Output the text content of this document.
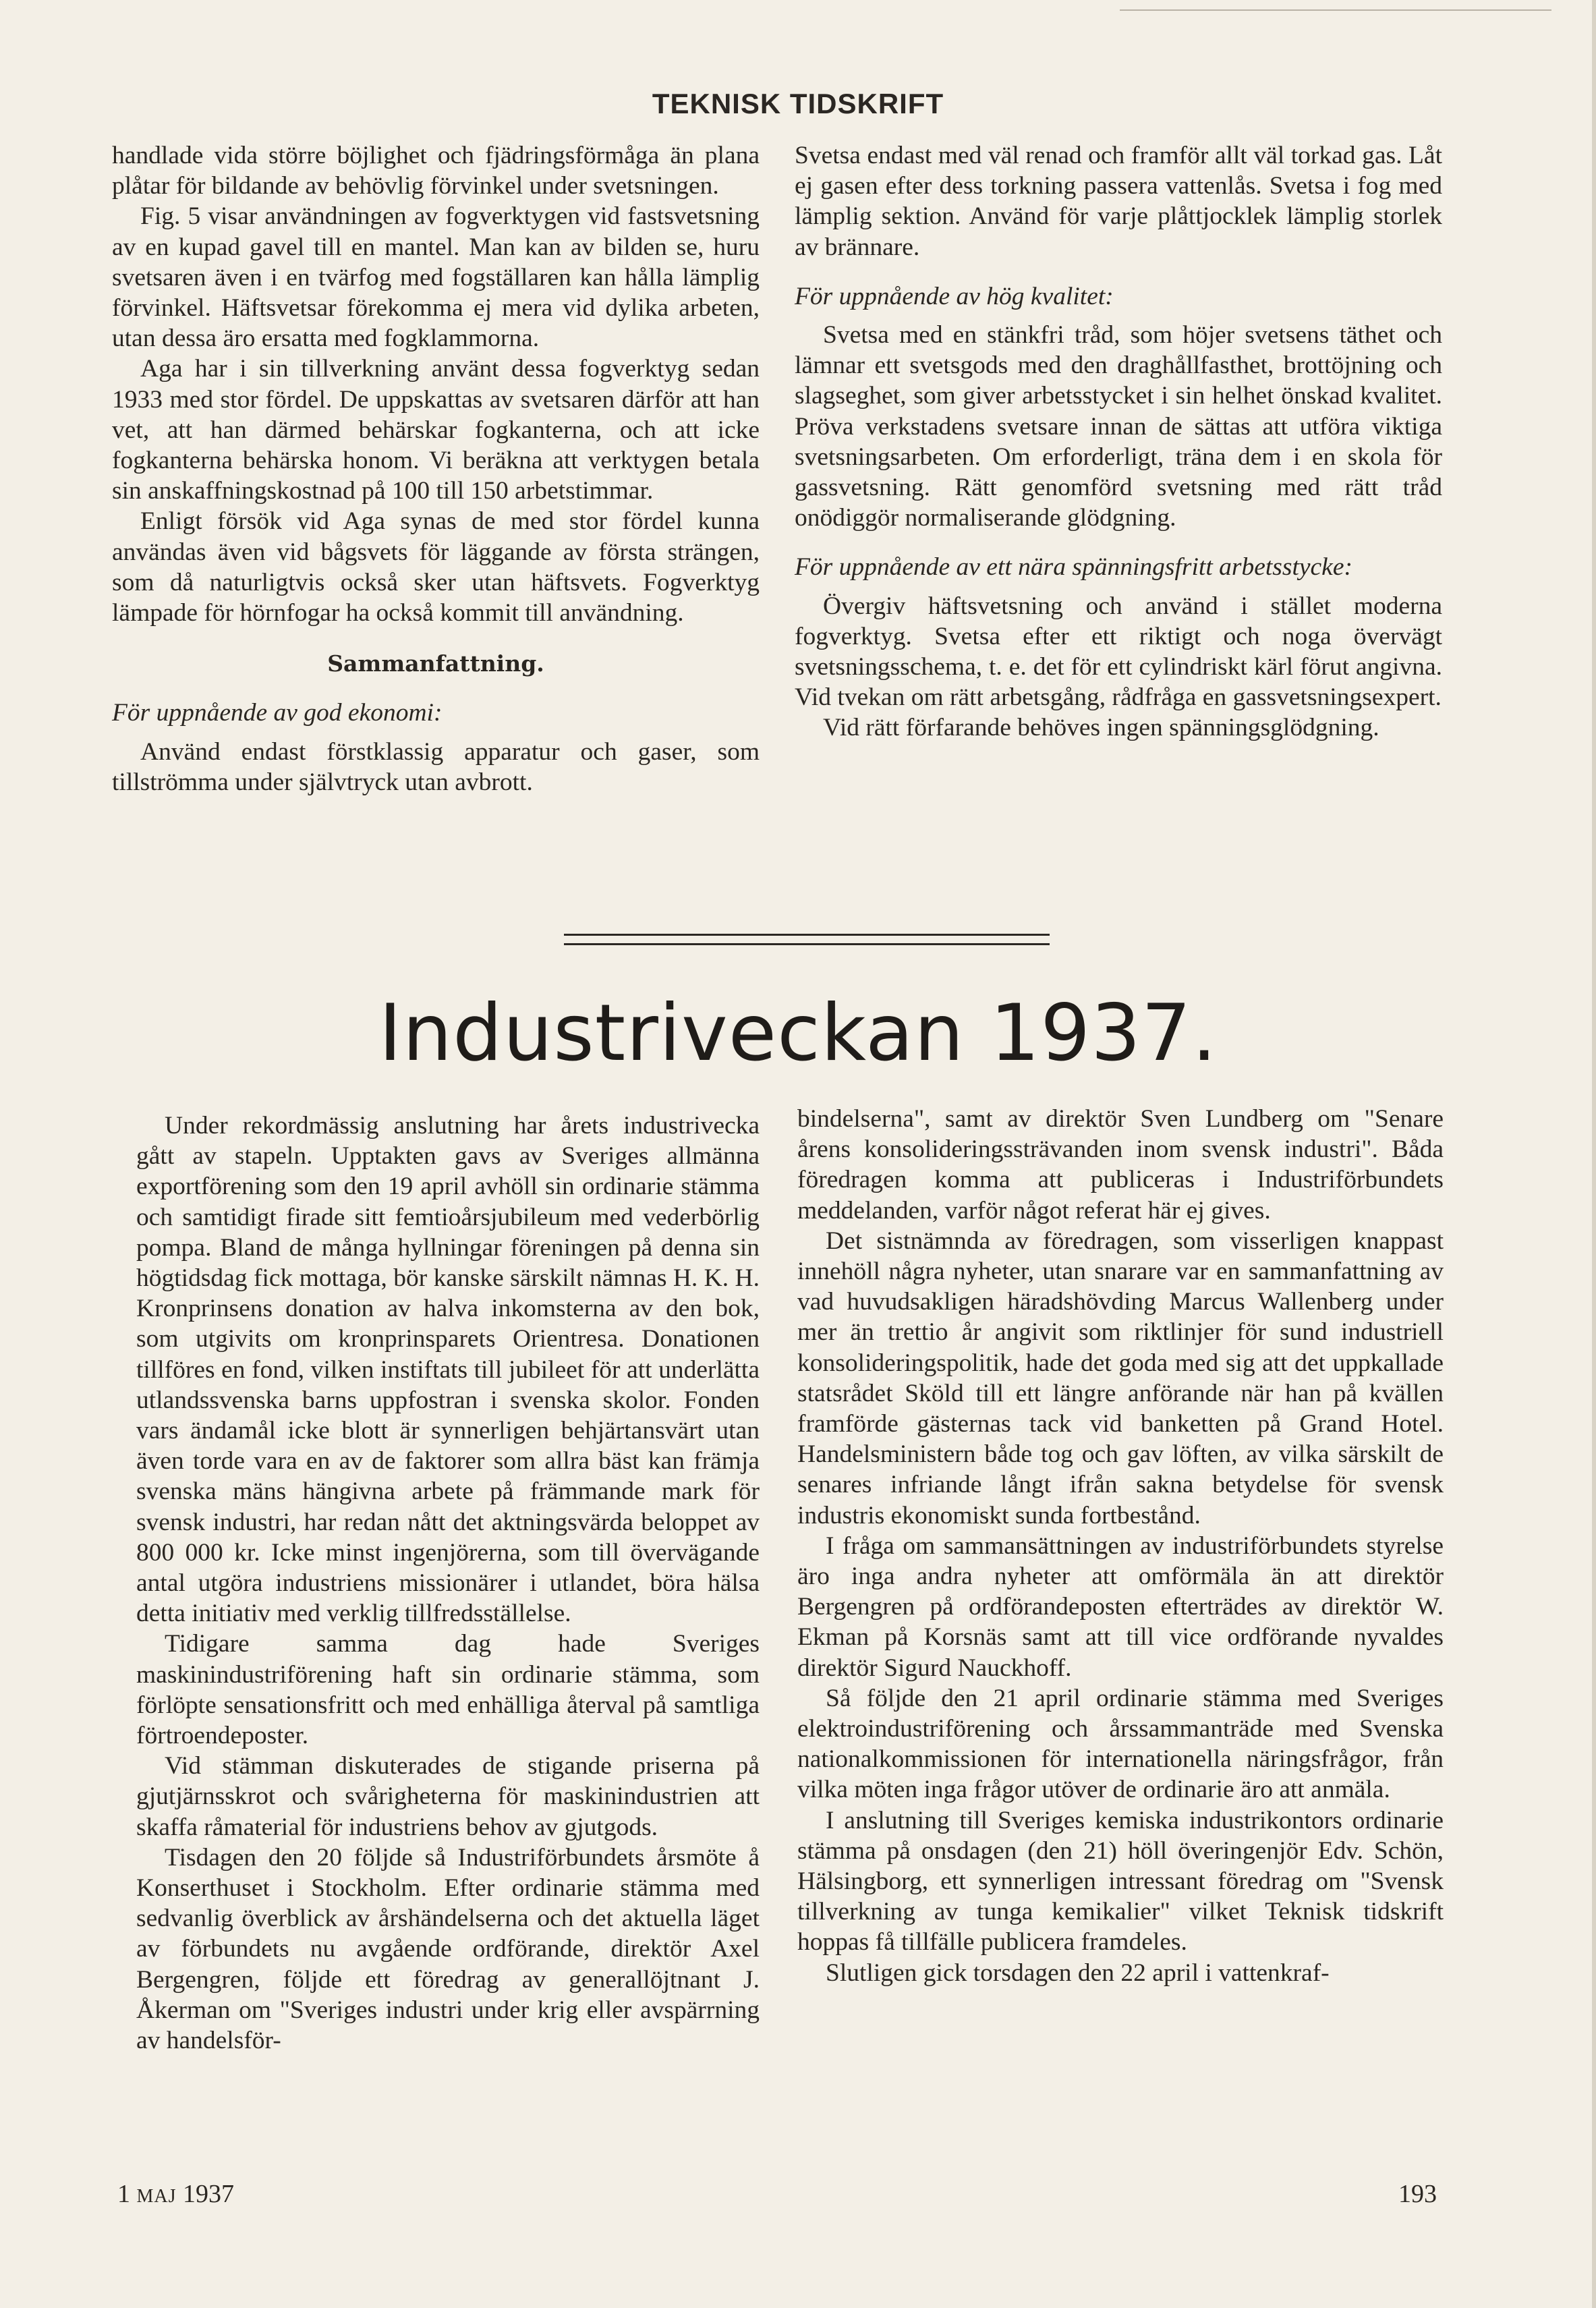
TEKNISK TIDSKRIFT

handlade vida större böjlighet och fjädringsförmåga än plana plåtar för bildande av behövlig förvinkel under svetsningen.

Fig. 5 visar användningen av fogverktygen vid fastsvetsning av en kupad gavel till en mantel. Man kan av bilden se, huru svetsaren även i en tvärfog med fogställaren kan hålla lämplig förvinkel. Häftsvetsar förekomma ej mera vid dylika arbeten, utan dessa äro ersatta med fogklammorna.

Aga har i sin tillverkning använt dessa fogverktyg sedan 1933 med stor fördel. De uppskattas av svetsaren därför att han vet, att han därmed behärskar fogkanterna, och att icke fogkanterna behärska honom. Vi beräkna att verktygen betala sin anskaffningskostnad på 100 till 150 arbetstimmar.

Enligt försök vid Aga synas de med stor fördel kunna användas även vid bågsvets för läggande av första strängen, som då naturligtvis också sker utan häftsvets. Fogverktyg lämpade för hörnfogar ha också kommit till användning.

Sammanfattning.

För uppnående av god ekonomi:

Använd endast förstklassig apparatur och gaser, som tillströmma under självtryck utan avbrott.

Svetsa endast med väl renad och framför allt väl torkad gas. Låt ej gasen efter dess torkning passera vattenlås. Svetsa i fog med lämplig sektion. Använd för varje plåttjocklek lämplig storlek av brännare.

För uppnående av hög kvalitet:

Svetsa med en stänkfri tråd, som höjer svetsens täthet och lämnar ett svetsgods med den draghållfasthet, brottöjning och slagseghet, som giver arbetsstycket i sin helhet önskad kvalitet. Pröva verkstadens svetsare innan de sättas att utföra viktiga svetsningsarbeten. Om erforderligt, träna dem i en skola för gassvetsning. Rätt genomförd svetsning med rätt tråd onödiggör normaliserande glödgning.

För uppnående av ett nära spänningsfritt arbetsstycke:

Övergiv häftsvetsning och använd i stället moderna fogverktyg. Svetsa efter ett riktigt och noga övervägt svetsningsschema, t. e. det för ett cylindriskt kärl förut angivna. Vid tvekan om rätt arbetsgång, rådfråga en gassvetsningsexpert.

Vid rätt förfarande behöves ingen spänningsglödgning.

Industriveckan 1937.

Under rekordmässig anslutning har årets industrivecka gått av stapeln. Upptakten gavs av Sveriges allmänna exportförening som den 19 april avhöll sin ordinarie stämma och samtidigt firade sitt femtioårsjubileum med vederbörlig pompa. Bland de många hyllningar föreningen på denna sin högtidsdag fick mottaga, bör kanske särskilt nämnas H. K. H. Kronprinsens donation av halva inkomsterna av den bok, som utgivits om kronprinsparets Orientresa. Donationen tillföres en fond, vilken instiftats till jubileet för att underlätta utlandssvenska barns uppfostran i svenska skolor. Fonden vars ändamål icke blott är synnerligen behjärtansvärt utan även torde vara en av de faktorer som allra bäst kan främja svenska mäns hängivna arbete på främmande mark för svensk industri, har redan nått det aktningsvärda beloppet av 800 000 kr. Icke minst ingenjörerna, som till övervägande antal utgöra industriens missionärer i utlandet, böra hälsa detta initiativ med verklig tillfredsställelse.

Tidigare samma dag hade Sveriges maskinindustriförening haft sin ordinarie stämma, som förlöpte sensationsfritt och med enhälliga återval på samtliga förtroendeposter.

Vid stämman diskuterades de stigande priserna på gjutjärnsskrot och svårigheterna för maskinindustrien att skaffa råmaterial för industriens behov av gjutgods.

Tisdagen den 20 följde så Industriförbundets årsmöte å Konserthuset i Stockholm. Efter ordinarie stämma med sedvanlig överblick av årshändelserna och det aktuella läget av förbundets nu avgående ordförande, direktör Axel Bergengren, följde ett föredrag av generallöjtnant J. Åkerman om "Sveriges industri under krig eller avspärrning av handelsför-

bindelserna", samt av direktör Sven Lundberg om "Senare årens konsolideringssträvanden inom svensk industri". Båda föredragen komma att publiceras i Industriförbundets meddelanden, varför något referat här ej gives.

Det sistnämnda av föredragen, som visserligen knappast innehöll några nyheter, utan snarare var en sammanfattning av vad huvudsakligen häradshövding Marcus Wallenberg under mer än trettio år angivit som riktlinjer för sund industriell konsolideringspolitik, hade det goda med sig att det uppkallade statsrådet Sköld till ett längre anförande när han på kvällen framförde gästernas tack vid banketten på Grand Hotel. Handelsministern både tog och gav löften, av vilka särskilt de senares infriande långt ifrån sakna betydelse för svensk industris ekonomiskt sunda fortbestånd.

I fråga om sammansättningen av industriförbundets styrelse äro inga andra nyheter att omförmäla än att direktör Bergengren på ordförandeposten efterträdes av direktör W. Ekman på Korsnäs samt att till vice ordförande nyvaldes direktör Sigurd Nauckhoff.

Så följde den 21 april ordinarie stämma med Sveriges elektroindustriförening och årssammanträde med Svenska nationalkommissionen för internationella näringsfrågor, från vilka möten inga frågor utöver de ordinarie äro att anmäla.

I anslutning till Sveriges kemiska industrikontors ordinarie stämma på onsdagen (den 21) höll överingenjör Edv. Schön, Hälsingborg, ett synnerligen intressant föredrag om "Svensk tillverkning av tunga kemikalier" vilket Teknisk tidskrift hoppas få tillfälle publicera framdeles.

Slutligen gick torsdagen den 22 april i vattenkraf-

1 MAJ 1937	193
